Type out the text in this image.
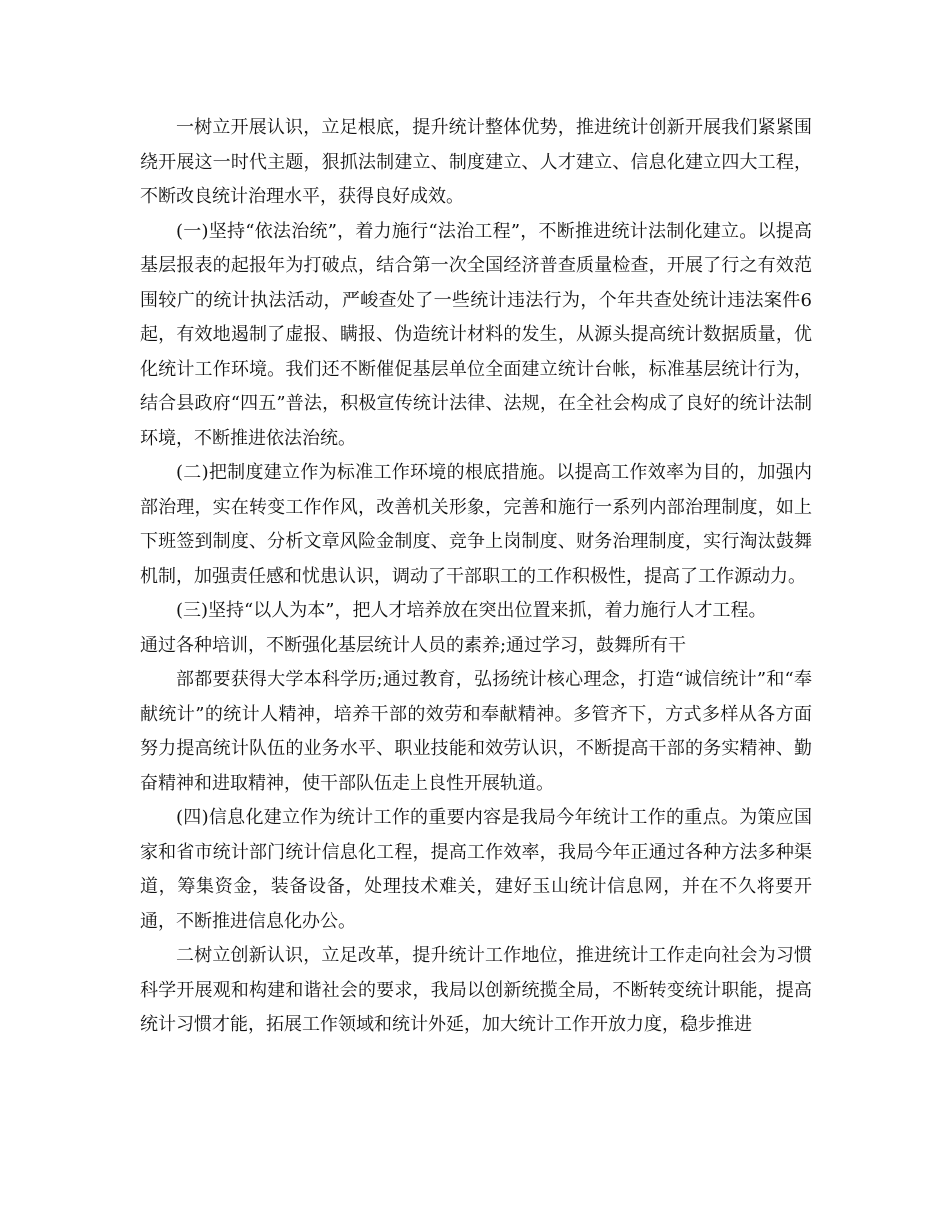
一树立开展认识，立足根底，提升统计整体优势，推进统计创新开展我们紧紧围绕开展这一时代主题，狠抓法制建立、制度建立、人才建立、信息化建立四大工程，不断改良统计治理水平，获得良好成效。

(一)坚持“依法治统”，着力施行“法治工程”，不断推进统计法制化建立。以提高基层报表的起报年为打破点，结合第一次全国经济普查质量检查，开展了行之有效范围较广的统计执法活动，严峻查处了一些统计违法行为，个年共查处统计违法案件6起，有效地遏制了虚报、瞒报、伪造统计材料的发生，从源头提高统计数据质量，优化统计工作环境。我们还不断催促基层单位全面建立统计台帐，标准基层统计行为，结合县政府“四五”普法，积极宣传统计法律、法规，在全社会构成了良好的统计法制环境，不断推进依法治统。

(二)把制度建立作为标准工作环境的根底措施。以提高工作效率为目的，加强内部治理，实在转变工作作风，改善机关形象，完善和施行一系列内部治理制度，如上下班签到制度、分析文章风险金制度、竞争上岗制度、财务治理制度，实行淘汰鼓舞机制，加强责任感和忧患认识，调动了干部职工的工作积极性，提高了工作源动力。

(三)坚持“以人为本”，把人才培养放在突出位置来抓，着力施行人才工程。

通过各种培训，不断强化基层统计人员的素养;通过学习，鼓舞所有干

部都要获得大学本科学历;通过教育，弘扬统计核心理念，打造“诚信统计”和“奉献统计”的统计人精神，培养干部的效劳和奉献精神。多管齐下，方式多样从各方面努力提高统计队伍的业务水平、职业技能和效劳认识，不断提高干部的务实精神、勤奋精神和进取精神，使干部队伍走上良性开展轨道。

(四)信息化建立作为统计工作的重要内容是我局今年统计工作的重点。为策应国家和省市统计部门统计信息化工程，提高工作效率，我局今年正通过各种方法多种渠道，筹集资金，装备设备，处理技术难关，建好玉山统计信息网，并在不久将要开通，不断推进信息化办公。

二树立创新认识，立足改革，提升统计工作地位，推进统计工作走向社会为习惯科学开展观和构建和谐社会的要求，我局以创新统揽全局，不断转变统计职能，提高统计习惯才能，拓展工作领域和统计外延，加大统计工作开放力度，稳步推进
